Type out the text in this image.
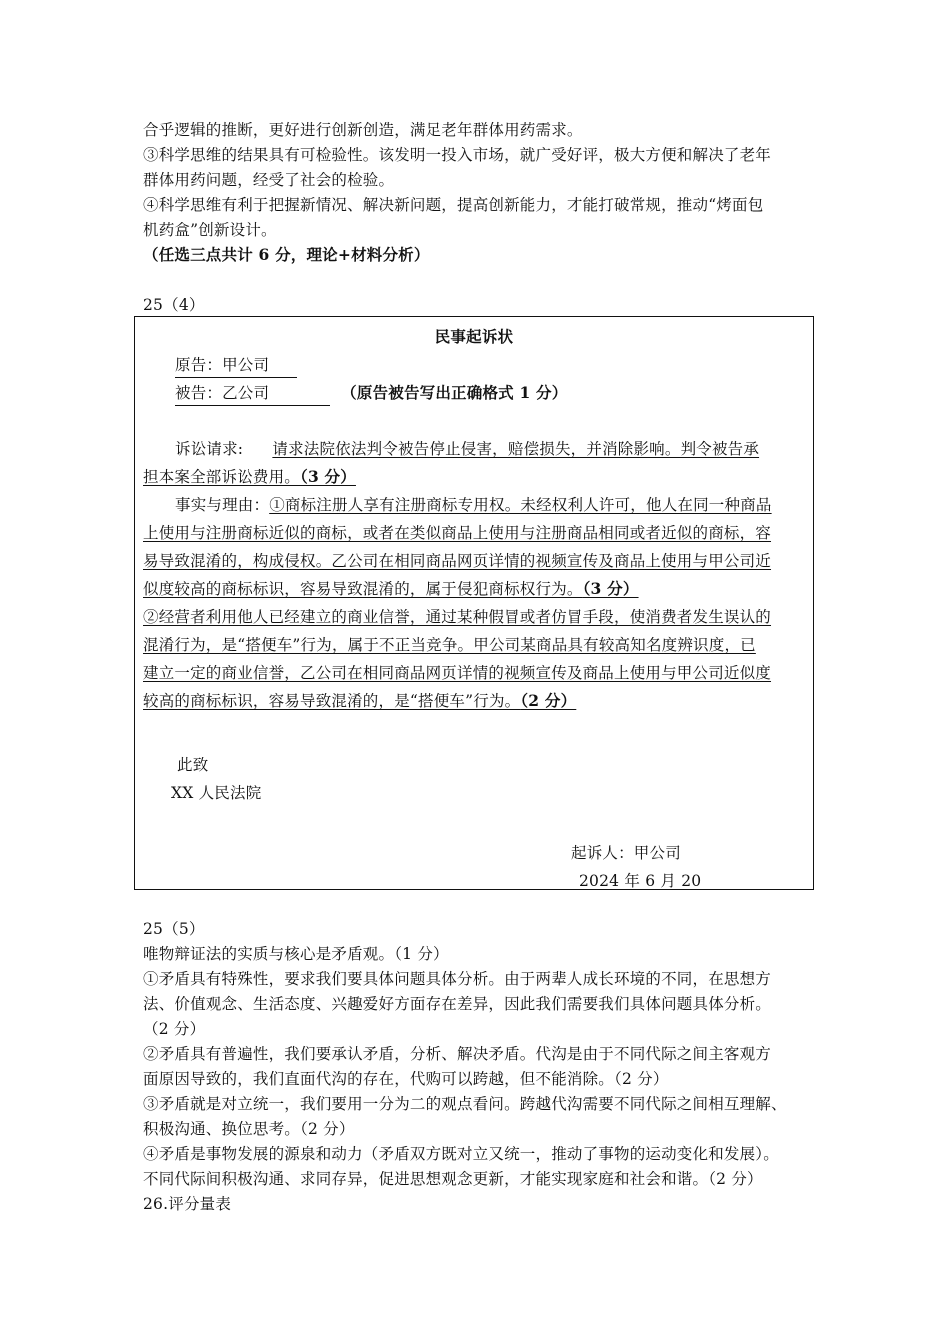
合乎逻辑的推断，更好进行创新创造，满足老年群体用药需求。
③科学思维的结果具有可检验性。该发明一投入市场，就广受好评，极大方便和解决了老年
群体用药问题，经受了社会的检验。
④科学思维有利于把握新情况、解决新问题，提高创新能力，才能打破常规，推动“烤面包
机药盒”创新设计。
（任选三点共计 6 分，理论+材料分析）
25（4）
民事起诉状
原告：甲公司
被告：乙公司	（原告被告写出正确格式 1 分）
诉讼请求: 请求法院依法判令被告停止侵害，赔偿损失，并消除影响。判令被告承
担本案全部诉讼费用。（3 分）
事实与理由：①商标注册人享有注册商标专用权。未经权利人许可，他人在同一种商品
上使用与注册商标近似的商标，或者在类似商品上使用与注册商品相同或者近似的商标，容
易导致混淆的，构成侵权。乙公司在相同商品网页详情的视频宣传及商品上使用与甲公司近
似度较高的商标标识，容易导致混淆的，属于侵犯商标权行为。（3 分）
②经营者利用他人已经建立的商业信誉，通过某种假冒或者仿冒手段，使消费者发生误认的
混淆行为，是“搭便车”行为，属于不正当竞争。甲公司某商品具有较高知名度辨识度，已
建立一定的商业信誉，乙公司在相同商品网页详情的视频宣传及商品上使用与甲公司近似度
较高的商标标识，容易导致混淆的，是“搭便车”行为。（2 分）
此致
XX 人民法院
起诉人：甲公司
2024 年 6 月 20
25（5）
唯物辩证法的实质与核心是矛盾观。（1 分）
①矛盾具有特殊性，要求我们要具体问题具体分析。由于两辈人成长环境的不同，在思想方
法、价值观念、生活态度、兴趣爱好方面存在差异，因此我们需要我们具体问题具体分析。
（2 分）
②矛盾具有普遍性，我们要承认矛盾，分析、解决矛盾。代沟是由于不同代际之间主客观方
面原因导致的，我们直面代沟的存在，代购可以跨越，但不能消除。（2 分）
③矛盾就是对立统一，我们要用一分为二的观点看问。跨越代沟需要不同代际之间相互理解、
积极沟通、换位思考。（2 分）
④矛盾是事物发展的源泉和动力（矛盾双方既对立又统一，推动了事物的运动变化和发展）。
不同代际间积极沟通、求同存异，促进思想观念更新，才能实现家庭和社会和谐。（2 分）
26.评分量表
